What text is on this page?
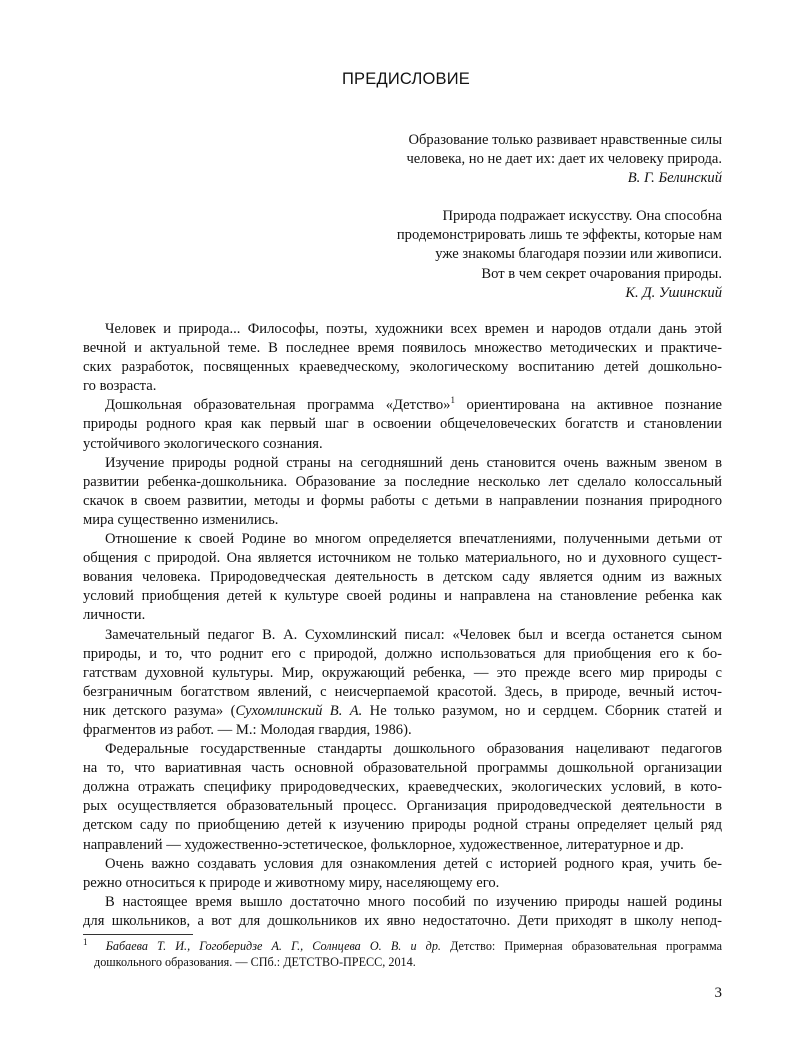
ПРЕДИСЛОВИЕ
Образование только развивает нравственные силы
человека, но не дает их: дает их человеку природа.
В. Г. Белинский
Природа подражает искусству. Она способна
продемонстрировать лишь те эффекты, которые нам
уже знакомы благодаря поэзии или живописи.
Вот в чем секрет очарования природы.
К. Д. Ушинский

Человек и природа... Философы, поэты, художники всех времен и народов отдали дань этой
вечной и актуальной теме. В последнее время появилось множество методических и практиче-
ских разработок, посвященных краеведческому, экологическому воспитанию детей дошкольно-
го возраста.

Дошкольная образовательная программа «Детство»$^1$ ориентирована на активное познание
природы родного края как первый шаг в освоении общечеловеческих богатств и становлении
устойчивого экологического сознания.

Изучение природы родной страны на сегодняшний день становится очень важным звеном в
развитии ребенка-дошкольника. Образование за последние несколько лет сделало колоссальный
скачок в своем развитии, методы и формы работы с детьми в направлении познания природного
мира существенно изменились.

Отношение к своей Родине во многом определяется впечатлениями, полученными детьми от
общения с природой. Она является источником не только материального, но и духовного сущест-
вования человека. Природоведческая деятельность в детском саду является одним из важных
условий приобщения детей к культуре своей родины и направлена на становление ребенка как
личности.

Замечательный педагог В. А. Сухомлинский писал: «Человек был и всегда останется сыном
природы, и то, что роднит его с природой, должно использоваться для приобщения его к бо-
гатствам духовной культуры. Мир, окружающий ребенка, — это прежде всего мир природы с
безграничным богатством явлений, с неисчерпаемой красотой. Здесь, в природе, вечный источ-
ник детского разума» (Сухомлинский В. А. Не только разумом, но и сердцем. Сборник статей и
фрагментов из работ. — М.: Молодая гвардия, 1986).

Федеральные государственные стандарты дошкольного образования нацеливают педагогов
на то, что вариативная часть основной образовательной программы дошкольной организации
должна отражать специфику природоведческих, краеведческих, экологических условий, в кото-
рых осуществляется образовательный процесс. Организация природоведческой деятельности в
детском саду по приобщению детей к изучению природы родной страны определяет целый ряд
направлений — художественно-эстетическое, фольклорное, художественное, литературное и др.

Очень важно создавать условия для ознакомления детей с историей родного края, учить бе-
режно относиться к природе и животному миру, населяющему его.

В настоящее время вышло достаточно много пособий по изучению природы нашей родины
для школьников, а вот для дошкольников их явно недостаточно. Дети приходят в школу непод-

$^1$ Бабаева Т. И., Гогоберидзе А. Г., Солнцева О. В. и др. Детство: Примерная образовательная программа
дошкольного образования. — СПб.: ДЕТСТВО-ПРЕСС, 2014.
3
